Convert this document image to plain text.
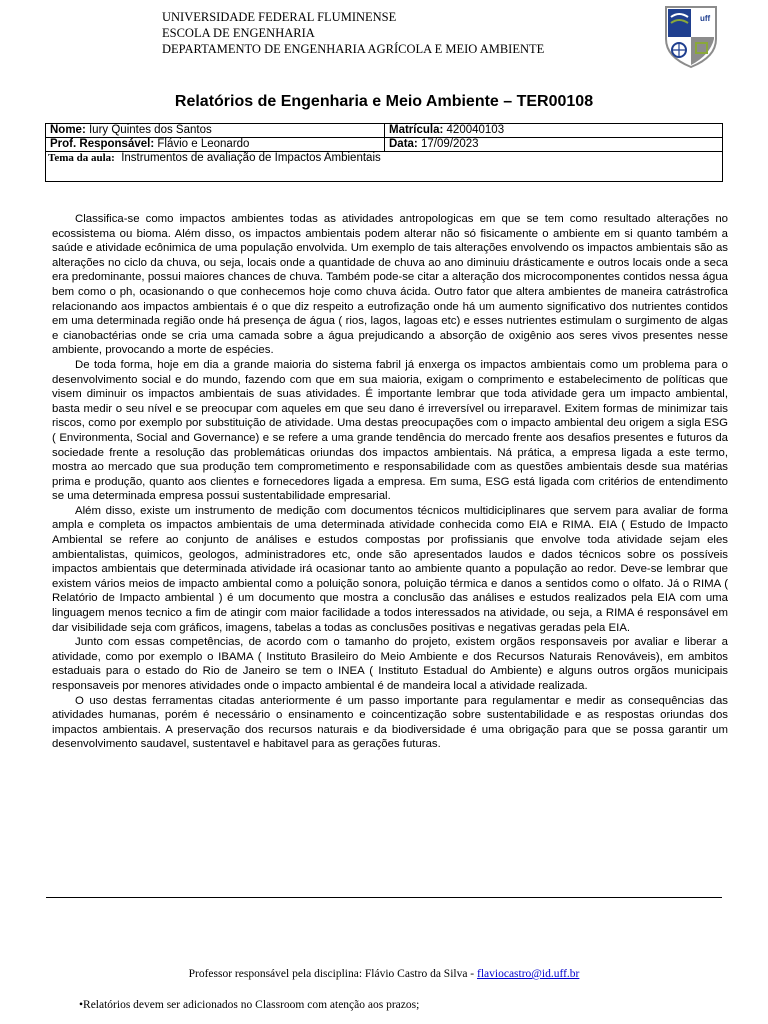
UNIVERSIDADE FEDERAL FLUMINENSE
ESCOLA DE ENGENHARIA
DEPARTAMENTO DE ENGENHARIA AGRÍCOLA E MEIO AMBIENTE
uff
Relatórios de Engenharia e Meio Ambiente – TER00108
Nome: Iury Quintes dos Santos	Matrícula: 420040103
Prof. Responsável: Flávio e Leonardo	Data: 17/09/2023
Tema da aula: Instrumentos de avaliação de Impactos Ambientais	

Classifica-se como impactos ambientes todas as atividades antropologicas em que se tem como resultado alterações no ecossistema ou bioma. Além disso, os impactos ambientais podem alterar não só fisicamente o ambiente em si quanto também a saúde e atividade ecônimica de uma população envolvida. Um exemplo de tais alterações envolvendo os impactos ambientais são as alterações no ciclo da chuva, ou seja, locais onde a quantidade de chuva ao ano diminuiu drásticamente e outros locais onde a seca era predominante, possui maiores chances de chuva. Também pode-se citar a alteração dos microcomponentes contidos nessa água bem como o ph, ocasionando o que conhecemos hoje como chuva ácida. Outro fator que altera ambientes de maneira catrástrofica relacionando aos impactos ambientais é o que diz respeito a eutrofização onde há um aumento significativo dos nutrientes contidos em uma determinada região onde há presença de água ( rios, lagos, lagoas etc) e esses nutrientes estimulam o surgimento de algas e cianobactérias onde se cria uma camada sobre a água prejudicando a absorção de oxigênio aos seres vivos presentes nesse ambiente, provocando a morte de espécies.

De toda forma, hoje em dia a grande maioria do sistema fabril já enxerga os impactos ambientais como um problema para o desenvolvimento social e do mundo, fazendo com que em sua maioria, exigam o comprimento e estabelecimento de políticas que visem diminuir os impactos ambientais de suas atividades. É importante lembrar que toda atividade gera um impacto ambiental, basta medir o seu nível e se preocupar com aqueles em que seu dano é irreversível ou irreparavel. Exitem formas de minimizar tais riscos, como por exemplo por substituição de atividade. Uma destas preocupações com o impacto ambiental deu origem a sigla ESG ( Environmenta, Social and Governance) e se refere a uma grande tendência do mercado frente aos desafios presentes e futuros da sociedade frente a resolução das problemáticas oriundas dos impactos ambientais. Ná prática, a empresa ligada a este termo, mostra ao mercado que sua produção tem comprometimento e responsabilidade com as questões ambientais desde sua matérias prima e produção, quanto aos clientes e fornecedores ligada a empresa. Em suma, ESG está ligada com critérios de entendimento se uma determinada empresa possui sustentabilidade empresarial.

Além disso, existe um instrumento de medição com documentos técnicos multidiciplinares que servem para avaliar de forma ampla e completa os impactos ambientais de uma determinada atividade conhecida como EIA e RIMA. EIA ( Estudo de Impacto Ambiental se refere ao conjunto de análises e estudos compostas por profissianis que envolve toda atividade sejam eles ambientalistas, quimicos, geologos, administradores etc, onde são apresentados laudos e dados técnicos sobre os possíveis impactos ambientais que determinada atividade irá ocasionar tanto ao ambiente quanto a população ao redor. Deve-se lembrar que existem vários meios de impacto ambiental como a poluição sonora, poluição térmica e danos a sentidos como o olfato. Já o RIMA ( Relatório de Impacto ambiental ) é um documento que mostra a conclusão das análises e estudos realizados pela EIA com uma linguagem menos tecnico a fim de atingir com maior facilidade a todos interessados na atividade, ou seja, a RIMA é responsável em dar visibilidade seja com gráficos, imagens, tabelas a todas as conclusões positivas e negativas geradas pela EIA.

Junto com essas competências, de acordo com o tamanho do projeto, existem orgãos responsaveis por avaliar e liberar a atividade, como por exemplo o IBAMA ( Instituto Brasileiro do Meio Ambiente e dos Recursos Naturais Renováveis), em ambitos estaduais para o estado do Rio de Janeiro se tem o INEA ( Instituto Estadual do Ambiente) e alguns outros orgãos municipais responsaveis por menores atividades onde o impacto ambiental é de mandeira local a atividade realizada.

O uso destas ferramentas citadas anteriormente é um passo importante para regulamentar e medir as consequências das atividades humanas, porém é necessário o ensinamento e coincentização sobre sustentabilidade e as respostas oriundas dos impactos ambientais. A preservação dos recursos naturais e da biodiversidade é uma obrigação para que se possa garantir um desenvolvimento saudavel, sustentavel e habitavel para as gerações futuras.

Professor responsável pela disciplina: Flávio Castro da Silva - flaviocastro@id.uff.br
•Relatórios devem ser adicionados no Classroom com atenção aos prazos;
